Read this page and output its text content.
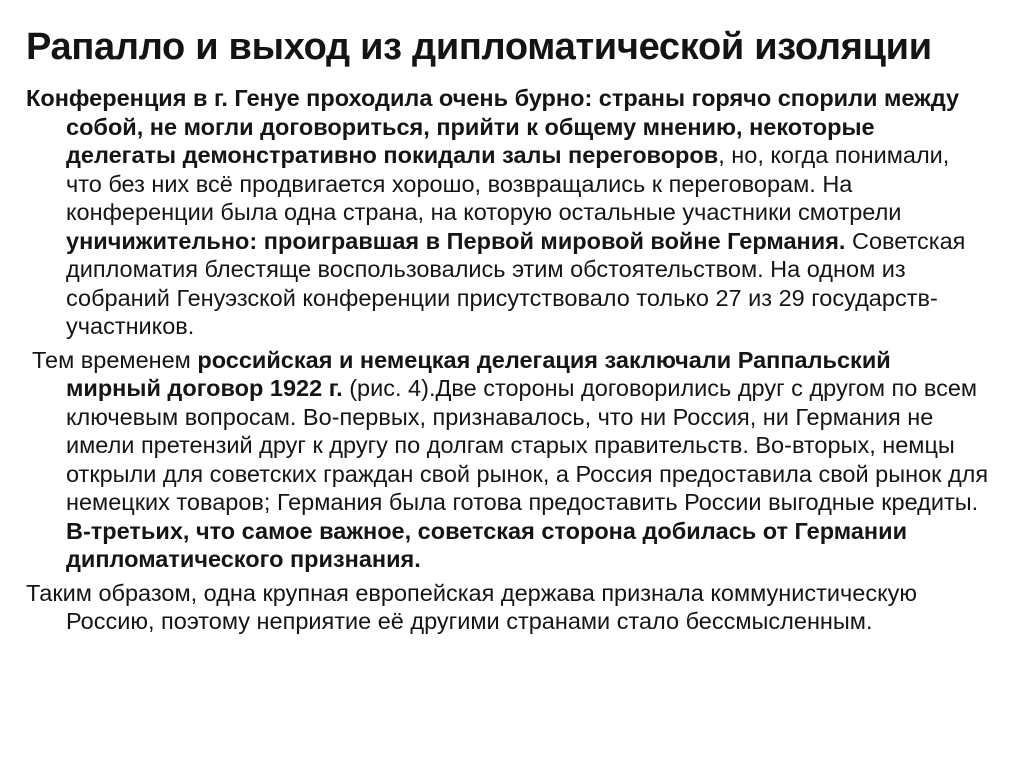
Рапалло и выход из дипломатической изоляции

Конференция в г. Генуе проходила очень бурно: страны горячо спорили между собой, не могли договориться, прийти к общему мнению, некоторые делегаты демонстративно покидали залы переговоров, но, когда понимали, что без них всё продвигается хорошо, возвращались к переговорам. На конференции была одна страна, на которую остальные участники смотрели уничижительно: проигравшая в Первой мировой войне Германия. Советская дипломатия блестяще воспользовались этим обстоятельством. На одном из собраний Генуэзской конференции присутствовало только 27 из 29 государств-участников.

Тем временем российская и немецкая делегация заключали Раппальский мирный договор 1922 г. (рис. 4).Две стороны договорились друг с другом по всем ключевым вопросам. Во-первых, признавалось, что ни Россия, ни Германия не имели претензий друг к другу по долгам старых правительств. Во-вторых, немцы открыли для советских граждан свой рынок, а Россия предоставила свой рынок для немецких товаров; Германия была готова предоставить России выгодные кредиты. В-третьих, что самое важное, советская сторона добилась от Германии дипломатического признания.

Таким образом, одна крупная европейская держава признала коммунистическую Россию, поэтому неприятие её другими странами стало бессмысленным.
